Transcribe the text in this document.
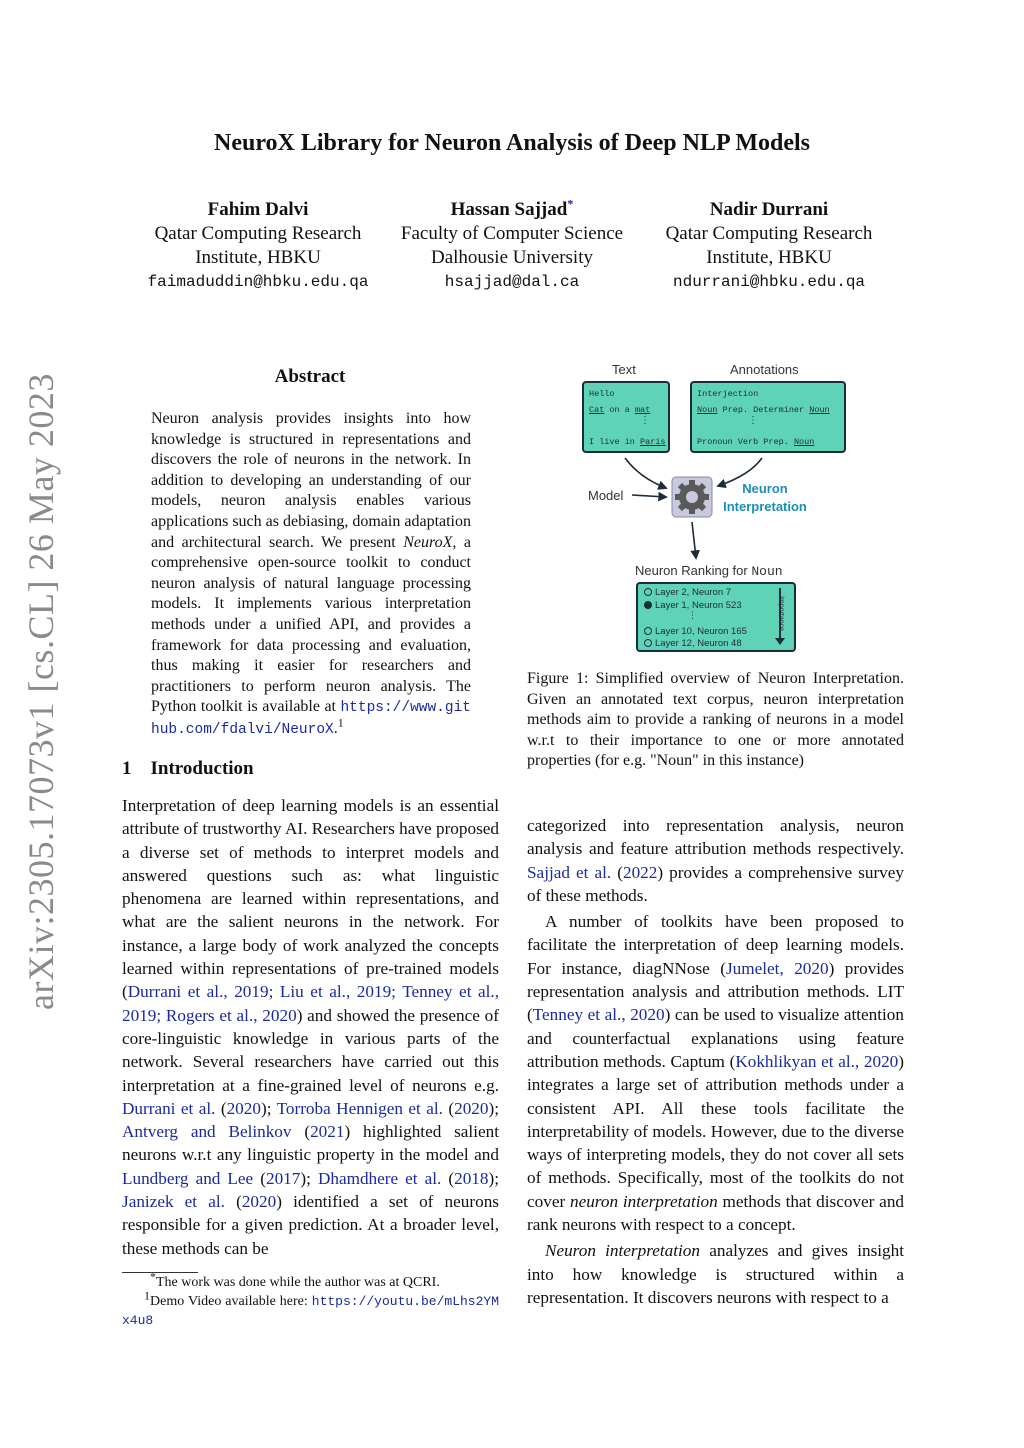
arXiv:2305.17073v1 [cs.CL] 26 May 2023
NeuroX Library for Neuron Analysis of Deep NLP Models
Fahim Dalvi
Qatar Computing Research
Institute, HBKU
faimaduddin@hbku.edu.qa
Hassan Sajjad*
Faculty of Computer Science
Dalhousie University
hsajjad@dal.ca
Nadir Durrani
Qatar Computing Research
Institute, HBKU
ndurrani@hbku.edu.qa
Abstract
Neuron analysis provides insights into how knowledge is structured in representations and discovers the role of neurons in the network. In addition to developing an understanding of our models, neuron analysis enables various applications such as debiasing, domain adaptation and architectural search. We present NeuroX, a comprehensive open-source toolkit to conduct neuron analysis of natural language processing models. It implements various interpretation methods under a unified API, and provides a framework for data processing and evaluation, thus making it easier for researchers and practitioners to perform neuron analysis. The Python toolkit is available at https://www.github.com/fdalvi/NeuroX.$^1$
1 Introduction

Interpretation of deep learning models is an essential attribute of trustworthy AI. Researchers have proposed a diverse set of methods to interpret models and answered questions such as: what linguistic phenomena are learned within representations, and what are the salient neurons in the network. For instance, a large body of work analyzed the concepts learned within representations of pre-trained models (Durrani et al., 2019; Liu et al., 2019; Tenney et al., 2019; Rogers et al., 2020) and showed the presence of core-linguistic knowledge in various parts of the network. Several researchers have carried out this interpretation at a fine-grained level of neurons e.g. Durrani et al. (2020); Torroba Hennigen et al. (2020); Antverg and Belinkov (2021) highlighted salient neurons w.r.t any linguistic property in the model and Lundberg and Lee (2017); Dhamdhere et al. (2018); Janizek et al. (2020) identified a set of neurons responsible for a given prediction. At a broader level, these methods can be

*The work was done while the author was at QCRI.
1Demo Video available here: https://youtu.be/mLhs2YMx4u8
Text	Annotations
Hello
Cat on a mat
⋮
I live in Paris
Interjection
Noun Prep. Determiner Noun
⋮
Pronoun Verb Prep. Noun
Model	Neuron
Interpretation
Neuron Ranking for Noun
Layer 2, Neuron 7
Layer 1, Neuron 523
⋮
Layer 10, Neuron 165
Layer 12, Neuron 48
Importance
Figure 1: Simplified overview of Neuron Interpretation. Given an annotated text corpus, neuron interpretation methods aim to provide a ranking of neurons in a model w.r.t to their importance to one or more annotated properties (for e.g. "Noun" in this instance)

categorized into representation analysis, neuron analysis and feature attribution methods respectively. Sajjad et al. (2022) provides a comprehensive survey of these methods.

A number of toolkits have been proposed to facilitate the interpretation of deep learning models. For instance, diagNNose (Jumelet, 2020) provides representation analysis and attribution methods. LIT (Tenney et al., 2020) can be used to visualize attention and counterfactual explanations using feature attribution methods. Captum (Kokhlikyan et al., 2020) integrates a large set of attribution methods under a consistent API. All these tools facilitate the interpretability of models. However, due to the diverse ways of interpreting models, they do not cover all sets of methods. Specifically, most of the toolkits do not cover neuron interpretation methods that discover and rank neurons with respect to a concept.

Neuron interpretation analyzes and gives insight into how knowledge is structured within a representation. It discovers neurons with respect to a
